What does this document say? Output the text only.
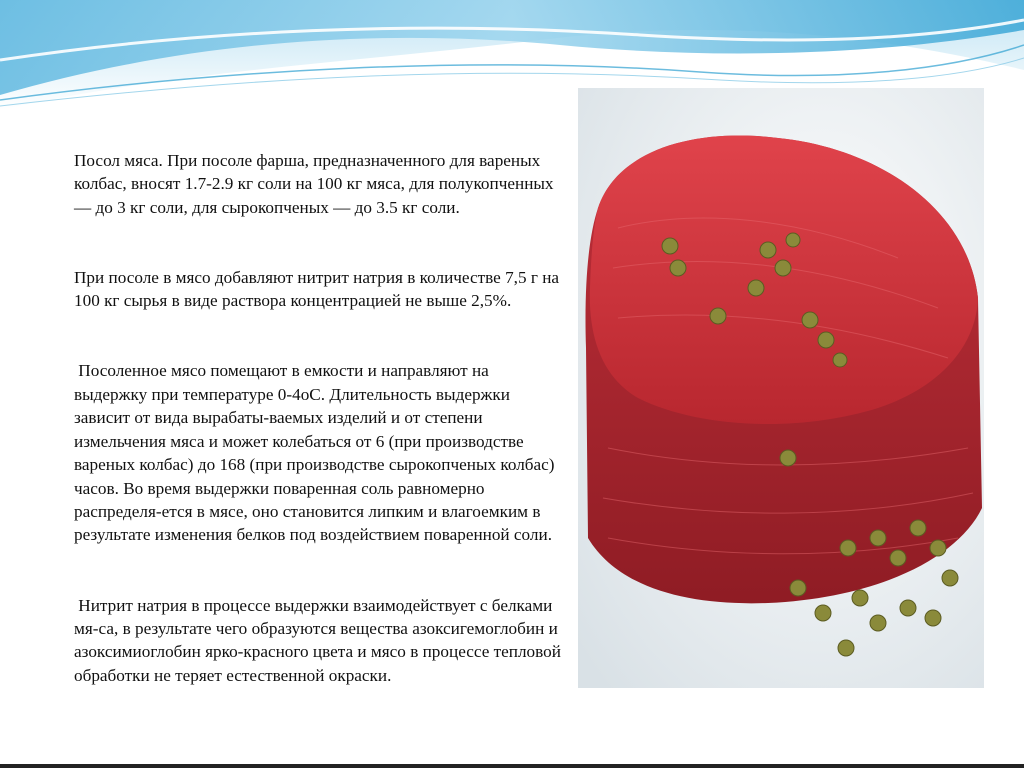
Посол мяса. При посоле фарша, предназначенного для вареных колбас, вносят 1.7-2.9 кг соли на 100 кг мяса, для полукопченных — до 3 кг соли, для сырокопченых — до 3.5 кг соли.

При посоле в мясо добавляют нитрит натрия в количестве 7,5 г на 100 кг сырья в виде раствора концентрацией не выше 2,5%.

Посоленное мясо помещают в емкости и направляют на выдержку при температуре 0-4оС. Длительность выдержки зависит от вида вырабаты-ваемых изделий и от степени измельчения мяса и может колебаться от 6 (при производстве вареных колбас) до 168 (при производстве сырокопченых колбас) часов. Во время выдержки поваренная соль равномерно распределя-ется в мясе, оно становится липким и влагоемким в результате изменения белков под воздействием поваренной соли.

Нитрит натрия в процессе выдержки взаимодействует с белками мя-са, в результате чего образуются вещества азоксигемоглобин и азоксимиоглобин ярко-красного цвета и мясо в процессе тепловой обработки не теряет естественной окраски.
